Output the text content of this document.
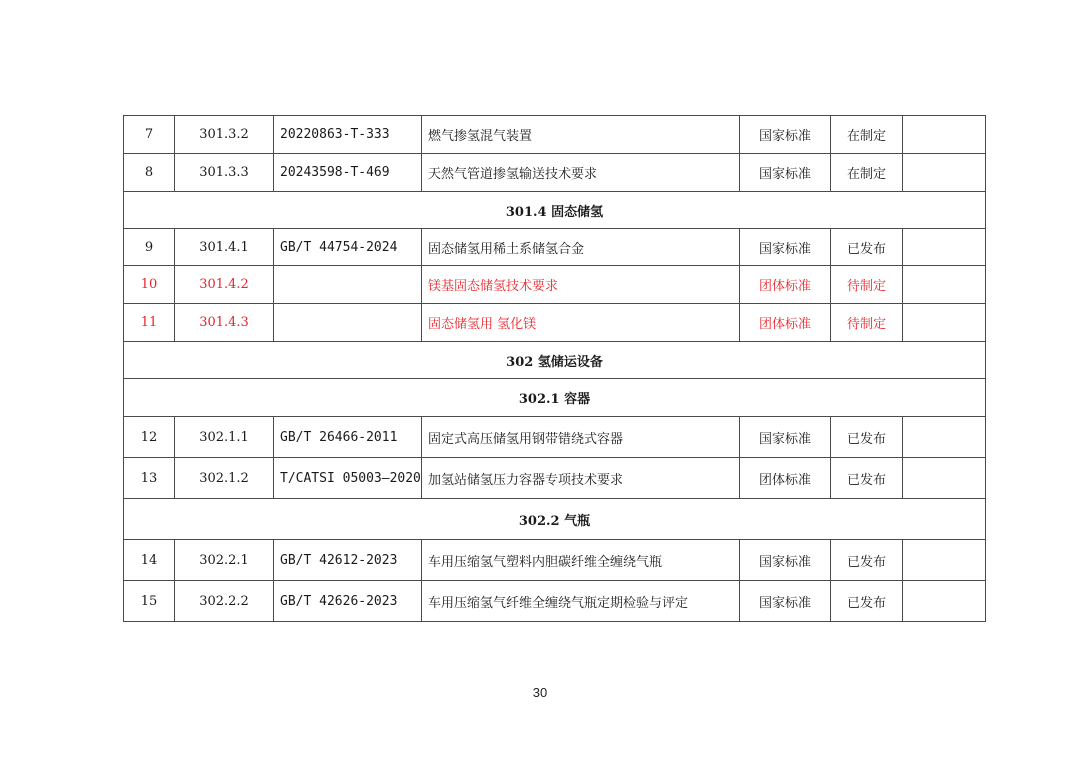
7	301.3.2	20220863-T-333	燃气掺氢混气装置	国家标准	在制定	
8	301.3.3	20243598-T-469	天然气管道掺氢输送技术要求	国家标准	在制定	
301.4 固态储氢						
9	301.4.1	GB/T 44754-2024	固态储氢用稀土系储氢合金	国家标准	已发布	
10	301.4.2		镁基固态储氢技术要求	团体标准	待制定	
11	301.4.3		固态储氢用 氢化镁	团体标准	待制定	
302 氢储运设备						
302.1 容器						
12	302.1.1	GB/T 26466-2011	固定式高压储氢用钢带错绕式容器	国家标准	已发布	
13	302.1.2	T/CATSI 05003—2020	加氢站储氢压力容器专项技术要求	团体标准	已发布	
302.2 气瓶						
14	302.2.1	GB/T 42612-2023	车用压缩氢气塑料内胆碳纤维全缠绕气瓶	国家标准	已发布	
15	302.2.2	GB/T 42626-2023	车用压缩氢气纤维全缠绕气瓶定期检验与评定	国家标准	已发布	
30
